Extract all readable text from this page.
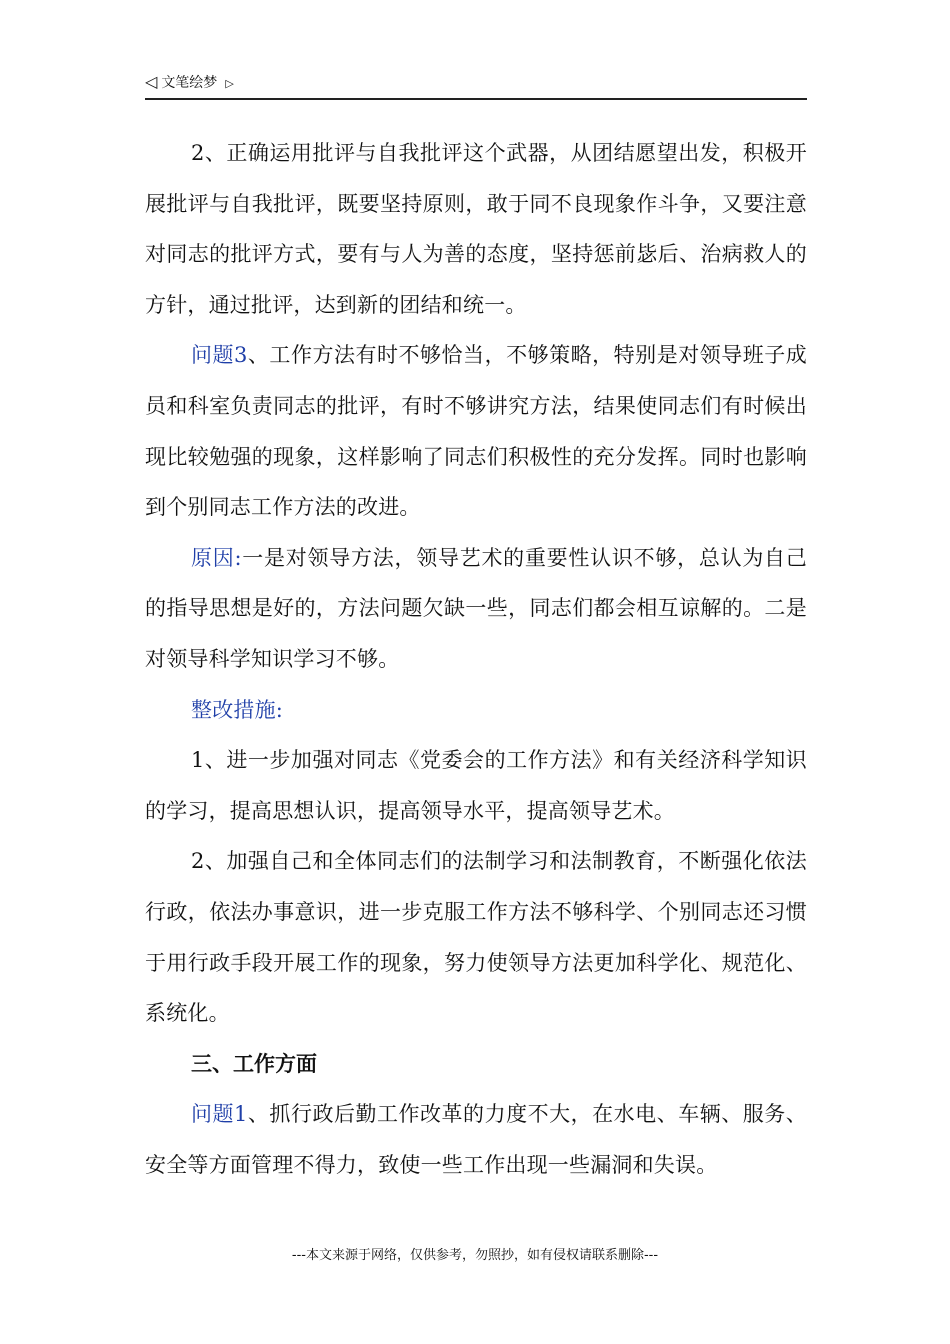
◁ 文笔绘梦 ▷

2、正确运用批评与自我批评这个武器，从团结愿望出发，积极开展批评与自我批评，既要坚持原则，敢于同不良现象作斗争，又要注意对同志的批评方式，要有与人为善的态度，坚持惩前毖后、治病救人的方针，通过批评，达到新的团结和统一。

问题3、工作方法有时不够恰当，不够策略，特别是对领导班子成员和科室负责同志的批评，有时不够讲究方法，结果使同志们有时候出现比较勉强的现象，这样影响了同志们积极性的充分发挥。同时也影响到个别同志工作方法的改进。

原因:一是对领导方法，领导艺术的重要性认识不够，总认为自己的指导思想是好的，方法问题欠缺一些，同志们都会相互谅解的。二是对领导科学知识学习不够。

整改措施:

1、进一步加强对同志《党委会的工作方法》和有关经济科学知识的学习，提高思想认识，提高领导水平，提高领导艺术。

2、加强自己和全体同志们的法制学习和法制教育，不断强化依法行政，依法办事意识，进一步克服工作方法不够科学、个别同志还习惯于用行政手段开展工作的现象，努力使领导方法更加科学化、规范化、系统化。

三、工作方面

问题1、抓行政后勤工作改革的力度不大，在水电、车辆、服务、安全等方面管理不得力，致使一些工作出现一些漏洞和失误。

---本文来源于网络，仅供参考，勿照抄，如有侵权请联系删除---
